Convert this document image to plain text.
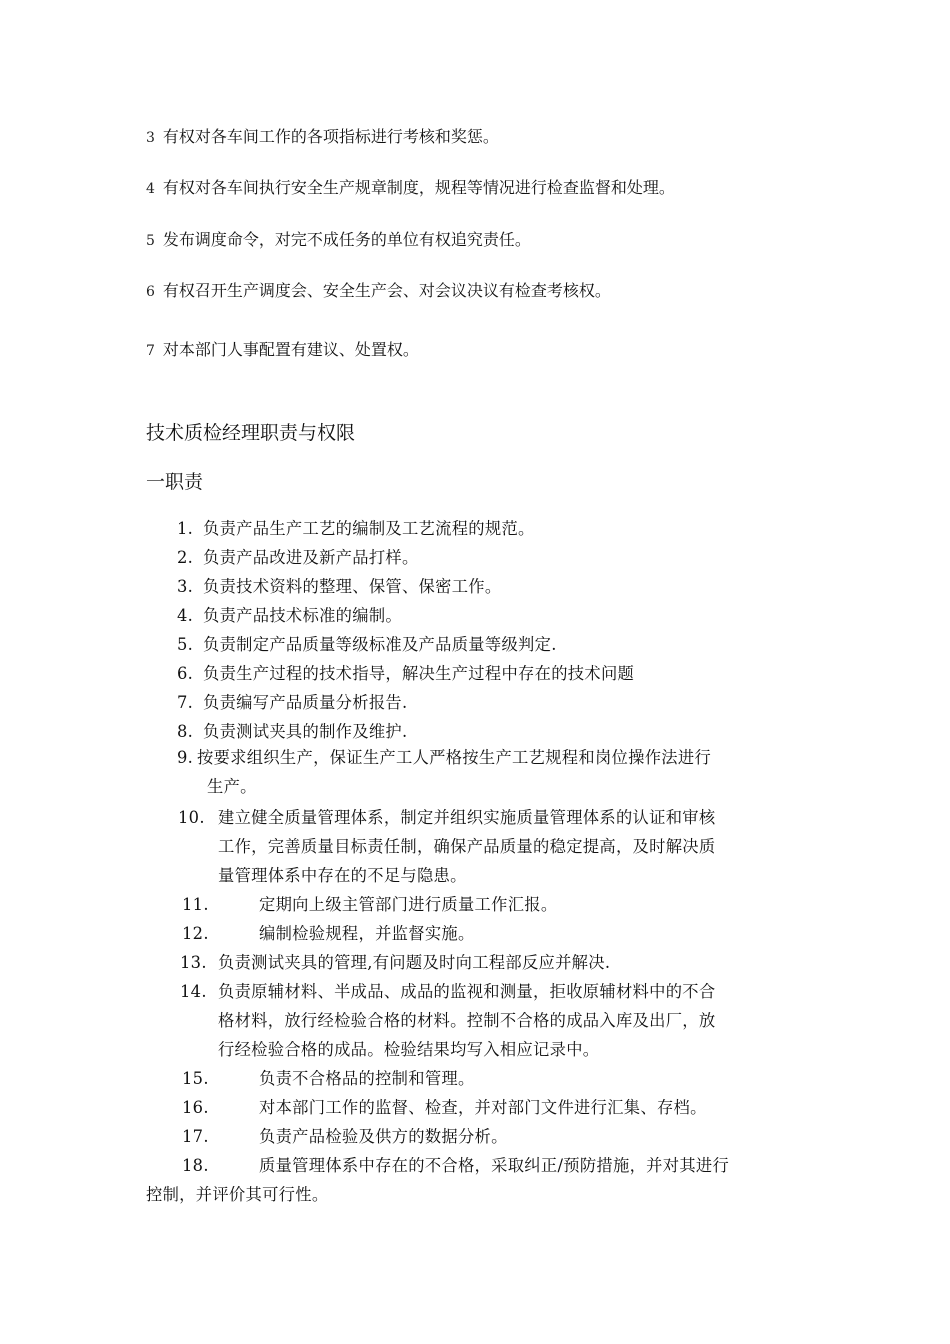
3 有权对各车间工作的各项指标进行考核和奖惩。
4 有权对各车间执行安全生产规章制度，规程等情况进行检查监督和处理。
5 发布调度命令，对完不成任务的单位有权追究责任。
6 有权召开生产调度会、安全生产会、对会议决议有检查考核权。
7 对本部门人事配置有建议、处置权。
技术质检经理职责与权限
一职责
1. 负责产品生产工艺的编制及工艺流程的规范。
2. 负责产品改进及新产品打样。
3. 负责技术资料的整理、保管、保密工作。
4. 负责产品技术标准的编制。
5. 负责制定产品质量等级标准及产品质量等级判定.
6. 负责生产过程的技术指导，解决生产过程中存在的技术问题
7. 负责编写产品质量分析报告.
8. 负责测试夹具的制作及维护.
9. 按要求组织生产，保证生产工人严格按生产工艺规程和岗位操作法进行
生产。
10. 建立健全质量管理体系，制定并组织实施质量管理体系的认证和审核
工作，完善质量目标责任制，确保产品质量的稳定提高，及时解决质
量管理体系中存在的不足与隐患。
11.	定期向上级主管部门进行质量工作汇报。
12.	编制检验规程，并监督实施。
13. 负责测试夹具的管理,有问题及时向工程部反应并解决.
14. 负责原辅材料、半成品、成品的监视和测量，拒收原辅材料中的不合
格材料，放行经检验合格的材料。控制不合格的成品入库及出厂，放
行经检验合格的成品。检验结果均写入相应记录中。
15.	负责不合格品的控制和管理。
16.	对本部门工作的监督、检查，并对部门文件进行汇集、存档。
17.	负责产品检验及供方的数据分析。
18.	质量管理体系中存在的不合格，采取纠正/预防措施，并对其进行
控制，并评价其可行性。
